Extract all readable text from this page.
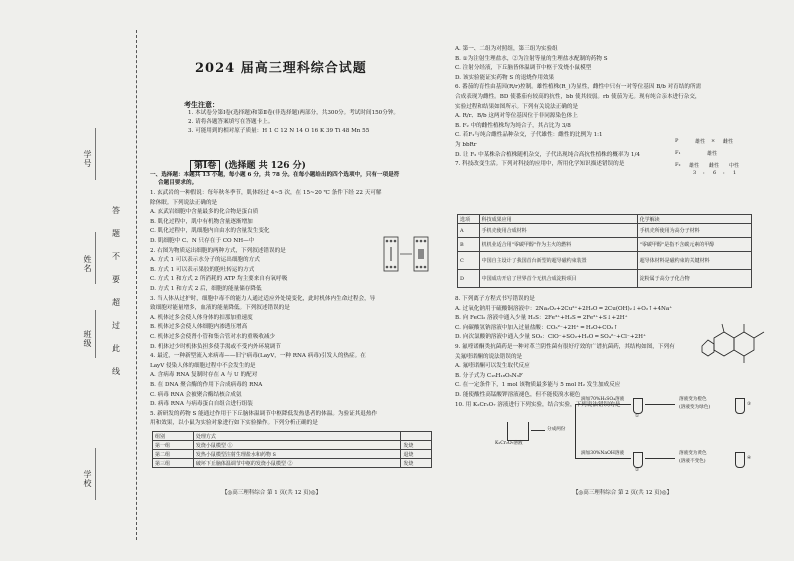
学号
姓名
班级
学校
答
题
不
要
超
过
此
线
2024 届高三理科综合试题
考生注意：
1. 本试卷分第Ⅰ卷(选择题)和第Ⅱ卷(非选择题)两部分，共300分。考试时间150分钟。
2. 请将各题答案填写在答题卡上。
3. 可能用到的相对原子质量：H 1 C 12 N 14 O 16 K 39 Ti 48 Mn 55
第Ⅰ卷 (选择题 共 126 分)
一、选择题：本题共 13 小题，每小题 6 分，共 78 分。在每小题给出的四个选项中，只有一项是符
合题目要求的。
1. 玄武岩的一种假说：每年秋冬季节，肌体经过 4~5 次，在 15~20 ℃ 条件下经 22 天可解
除休眠。下列说法正确的是
A. 玄武岩细胞中含量最多的化合物是蛋白质
B. 肌化过程中，肌中有机物含量逐渐增加
C. 肌化过程中，肌细胞内自由水的含量发生变化
D. 肌细胞中 C、N 只存在于 CO NH—中
2. 右图为物质运出细胞的两种方式，下列叙述错误的是
A. 方式 1 可以表示水分子的运出细胞的方式
B. 方式 1 可以表示果胶的胞吐转运的方式
C. 方式 1 和方式 2 所消耗的 ATP 均主要来自有氧呼吸
D. 方式 1 和方式 2 后，细胞的能量储存降低
3. 当人体从过护时，细胞中毒不的能力人通过适应外处境变化，此时机体内生命过程会，导
致细胞对能量增多，血液的能量降低。下列叙述错误的是
A. 机体过多会使人体身体的扣那加重速度
B. 机体过多会使人体细胞内渗透压增高
C. 机体过多会使肾小管和集合管对水的重吸收减少
D. 机体过少时机体负担多使手渴或不受内外环境调节
4. 最近，一种新型流入来病毒——旧宁病毒(LayV，一种 RNA 病毒)引发人的热症。在
LayV 侵染人体的细胞过程中不会发生的是
A. 含病毒 RNA 复制时存在 A 与 U 的配对
B. 在 DNA 聚合酶的作用下合成病毒的 RNA
C. 病毒 RNA 会被聚合酶结核合成氨
D. 病毒 RNA 与病毒蛋白自组合进行组装
5. 新研发的药物 S 能通过作用于下丘脑体温调节中枢降低发热患者的体温。为验证其退热作
用和效果，以小鼠为实验对象进行如下实验操作。下列分析正确的是
组别	处理方式	
第一组	发烧小鼠模型 ①	发烧
第二组	发热小鼠模型注射生理盐水和药物 S	退烧
第三组	破坏下丘脑体温调节中枢的发烧小鼠模型 ②	发烧
【◎高三理科综合 第 1 页(共 12 页)◎】
A. 第一、二组为对照组，第三组为实验组
B. ①为注射生理盐水，②为注射等量的生理盐水配制的药物 S
C. 注射分经液，下丘脑皆体温调节中枢于发烧小鼠模型
D. 该实验能证实药物 S 的退烧作用效果
6. 番茄的育性由基因(R/r)控制。雄性植株(R_)为显性，雌性中只有一对等位基因 B/b 对育结的所需
合成表现为雌性。BD 使番茄有较高的抗性，bb 使其较弱。rb 使茄为无。现有纯合亲本进行杂交，
实验过程和结果如图所示。下列有关说法正确的是
A. R/r、B/b 这两对等位基因位于非同源染色体上
B. F₂ 中的雌性植株均为纯合子，其占比为 3/8
C. 若F₁与纯合雌性品种杂交，子代雄性：雌性的比例为 1:1
为 bbRr
D. 让 F₂ 中某株杂合植株随机杂交，子代出现纯合高抗性植株的概率为 1/4
7. 科技改变生活。下列对科技的应用中，所用化学知识描述错误的是
P	雄性 × 雌性
F₁	雄性
F₂ 雄性 雌性 中性
3 : 6 : 1
选项	科技成果应用	化学解读
A	手机壳使用合成材料	手机壳所使用为高分子材料
B	机机业适合用"零碳甲醇"作为主火的燃料	"零碳甲醇"是指不含碳元素的甲醇
C	中国自主设计了我国首台新型的超导磁约束装置	超导体材料是磁约束的关键材料
D	中国成功开启了世界首个无机合成淀粉项目	淀粉属于高分子化合物
8. 下列离子方程式书写错误的是
A. 过氧化钠用于硫酸铜溶液中：2Na₂O₂+2Cu²⁺+2H₂O ═ 2Cu(OH)₂↓+O₂↑+4Na⁺
B. 向 FeCl₂ 溶液中通入少量 H₂S：2Fe³⁺+H₂S ═ 2Fe²⁺+S↓+2H⁺
C. 向碳酸氢钠溶液中加入过量盐酸：CO₃²⁻+2H⁺ ═ H₂O+CO₂↑
D. 向次氯酸钠溶液中通入少量 SO₂：ClO⁻+SO₂+H₂O ═ SO₄²⁻+Cl⁻+2H⁺
9. 氟喹诺酮类抗菌药是一种对革兰阴性菌有很好疗效的广谱抗菌药，其结构如图，下列有
关氟喹诺酮的说法错误的是
A. 氟喹诺酮可以发生取代反应
B. 分子式为 C₁₆H₁₈O₃N₃F
C. 在一定条件下，1 mol 该物质最多能与 5 mol H₂ 发生加成反应
D. 能使酸性高锰酸钾溶液褪色，但不能使溴水褪色
10. 用 K₂Cr₂O₇ 溶液进行下列实验，结合实验，下列说法错误的是
K₂Cr₂O₇溶液
分成两份
滴加70%H₂SO₄溶液
滴加30%NaOH溶液
①
②
溶液变为橙色
(溶液变为绿色)
溶液变为黄色
(溶液不变色)
③
④
【◎高三理科综合 第 2 页(共 12 页)◎】
